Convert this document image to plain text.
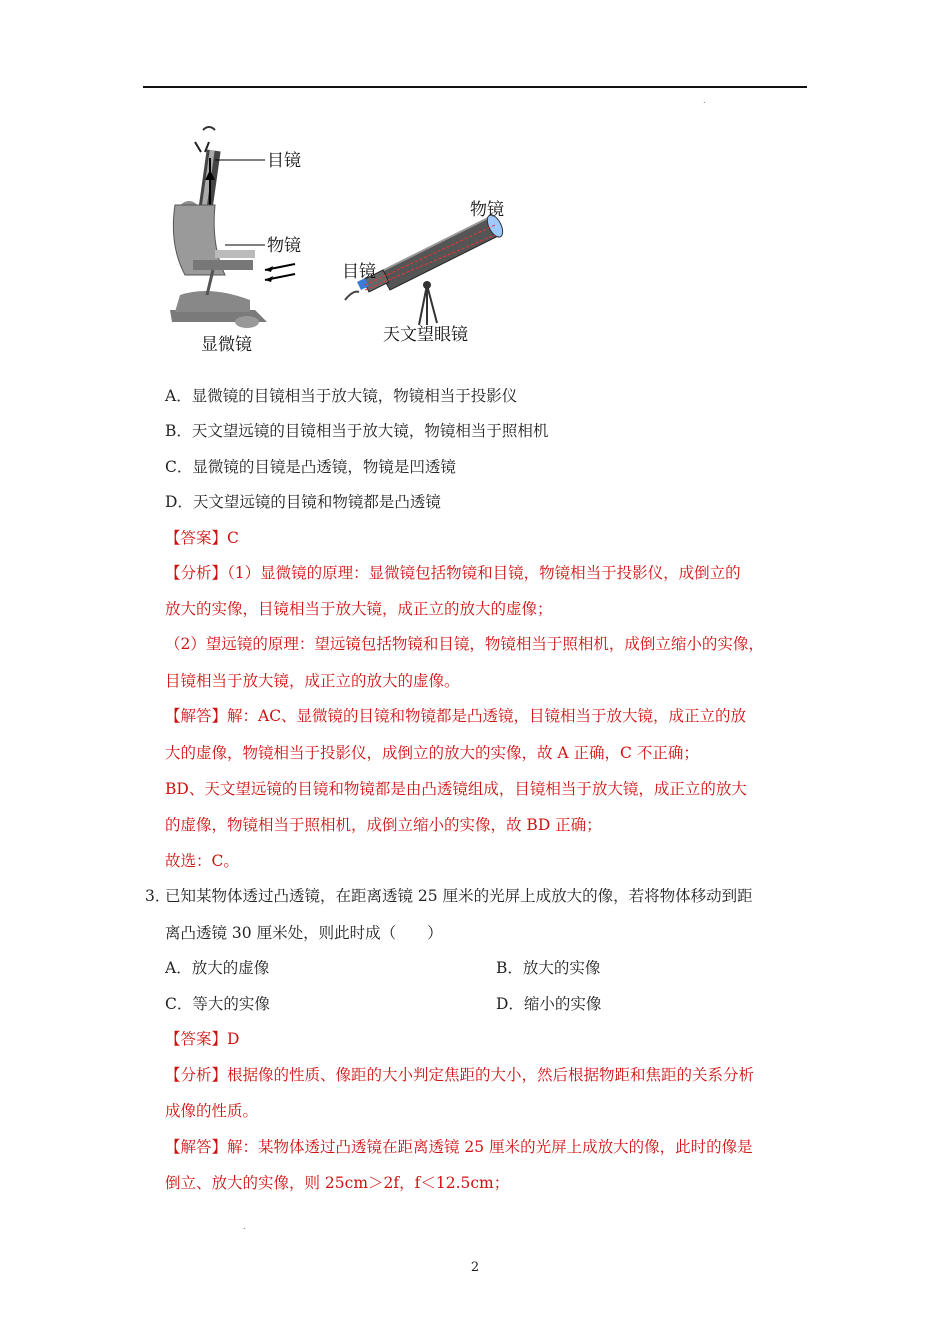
.
目镜
物镜
显微镜
物镜
目镜
天文望眼镜
A．显微镜的目镜相当于放大镜，物镜相当于投影仪
B．天文望远镜的目镜相当于放大镜，物镜相当于照相机
C．显微镜的目镜是凸透镜，物镜是凹透镜
D．天文望远镜的目镜和物镜都是凸透镜
【答案】C
【分析】（1）显微镜的原理：显微镜包括物镜和目镜，物镜相当于投影仪，成倒立的
放大的实像，目镜相当于放大镜，成正立的放大的虚像；
（2）望远镜的原理：望远镜包括物镜和目镜，物镜相当于照相机，成倒立缩小的实像，
目镜相当于放大镜，成正立的放大的虚像。
【解答】解：AC、显微镜的目镜和物镜都是凸透镜，目镜相当于放大镜，成正立的放
大的虚像，物镜相当于投影仪，成倒立的放大的实像，故 A 正确，C 不正确；
BD、天文望远镜的目镜和物镜都是由凸透镜组成，目镜相当于放大镜，成正立的放大
的虚像，物镜相当于照相机，成倒立缩小的实像，故 BD 正确；
故选：C。
3．
已知某物体透过凸透镜，在距离透镜 25 厘米的光屏上成放大的像，若将物体移动到距
离凸透镜 30 厘米处，则此时成（　　）
A．放大的虚像	B．放大的实像
C．等大的实像	D．缩小的实像
【答案】D
【分析】根据像的性质、像距的大小判定焦距的大小，然后根据物距和焦距的关系分析
成像的性质。
【解答】解：某物体透过凸透镜在距离透镜 25 厘米的光屏上成放大的像，此时的像是
倒立、放大的实像，则 25cm＞2f，f＜12.5cm；
.
2
